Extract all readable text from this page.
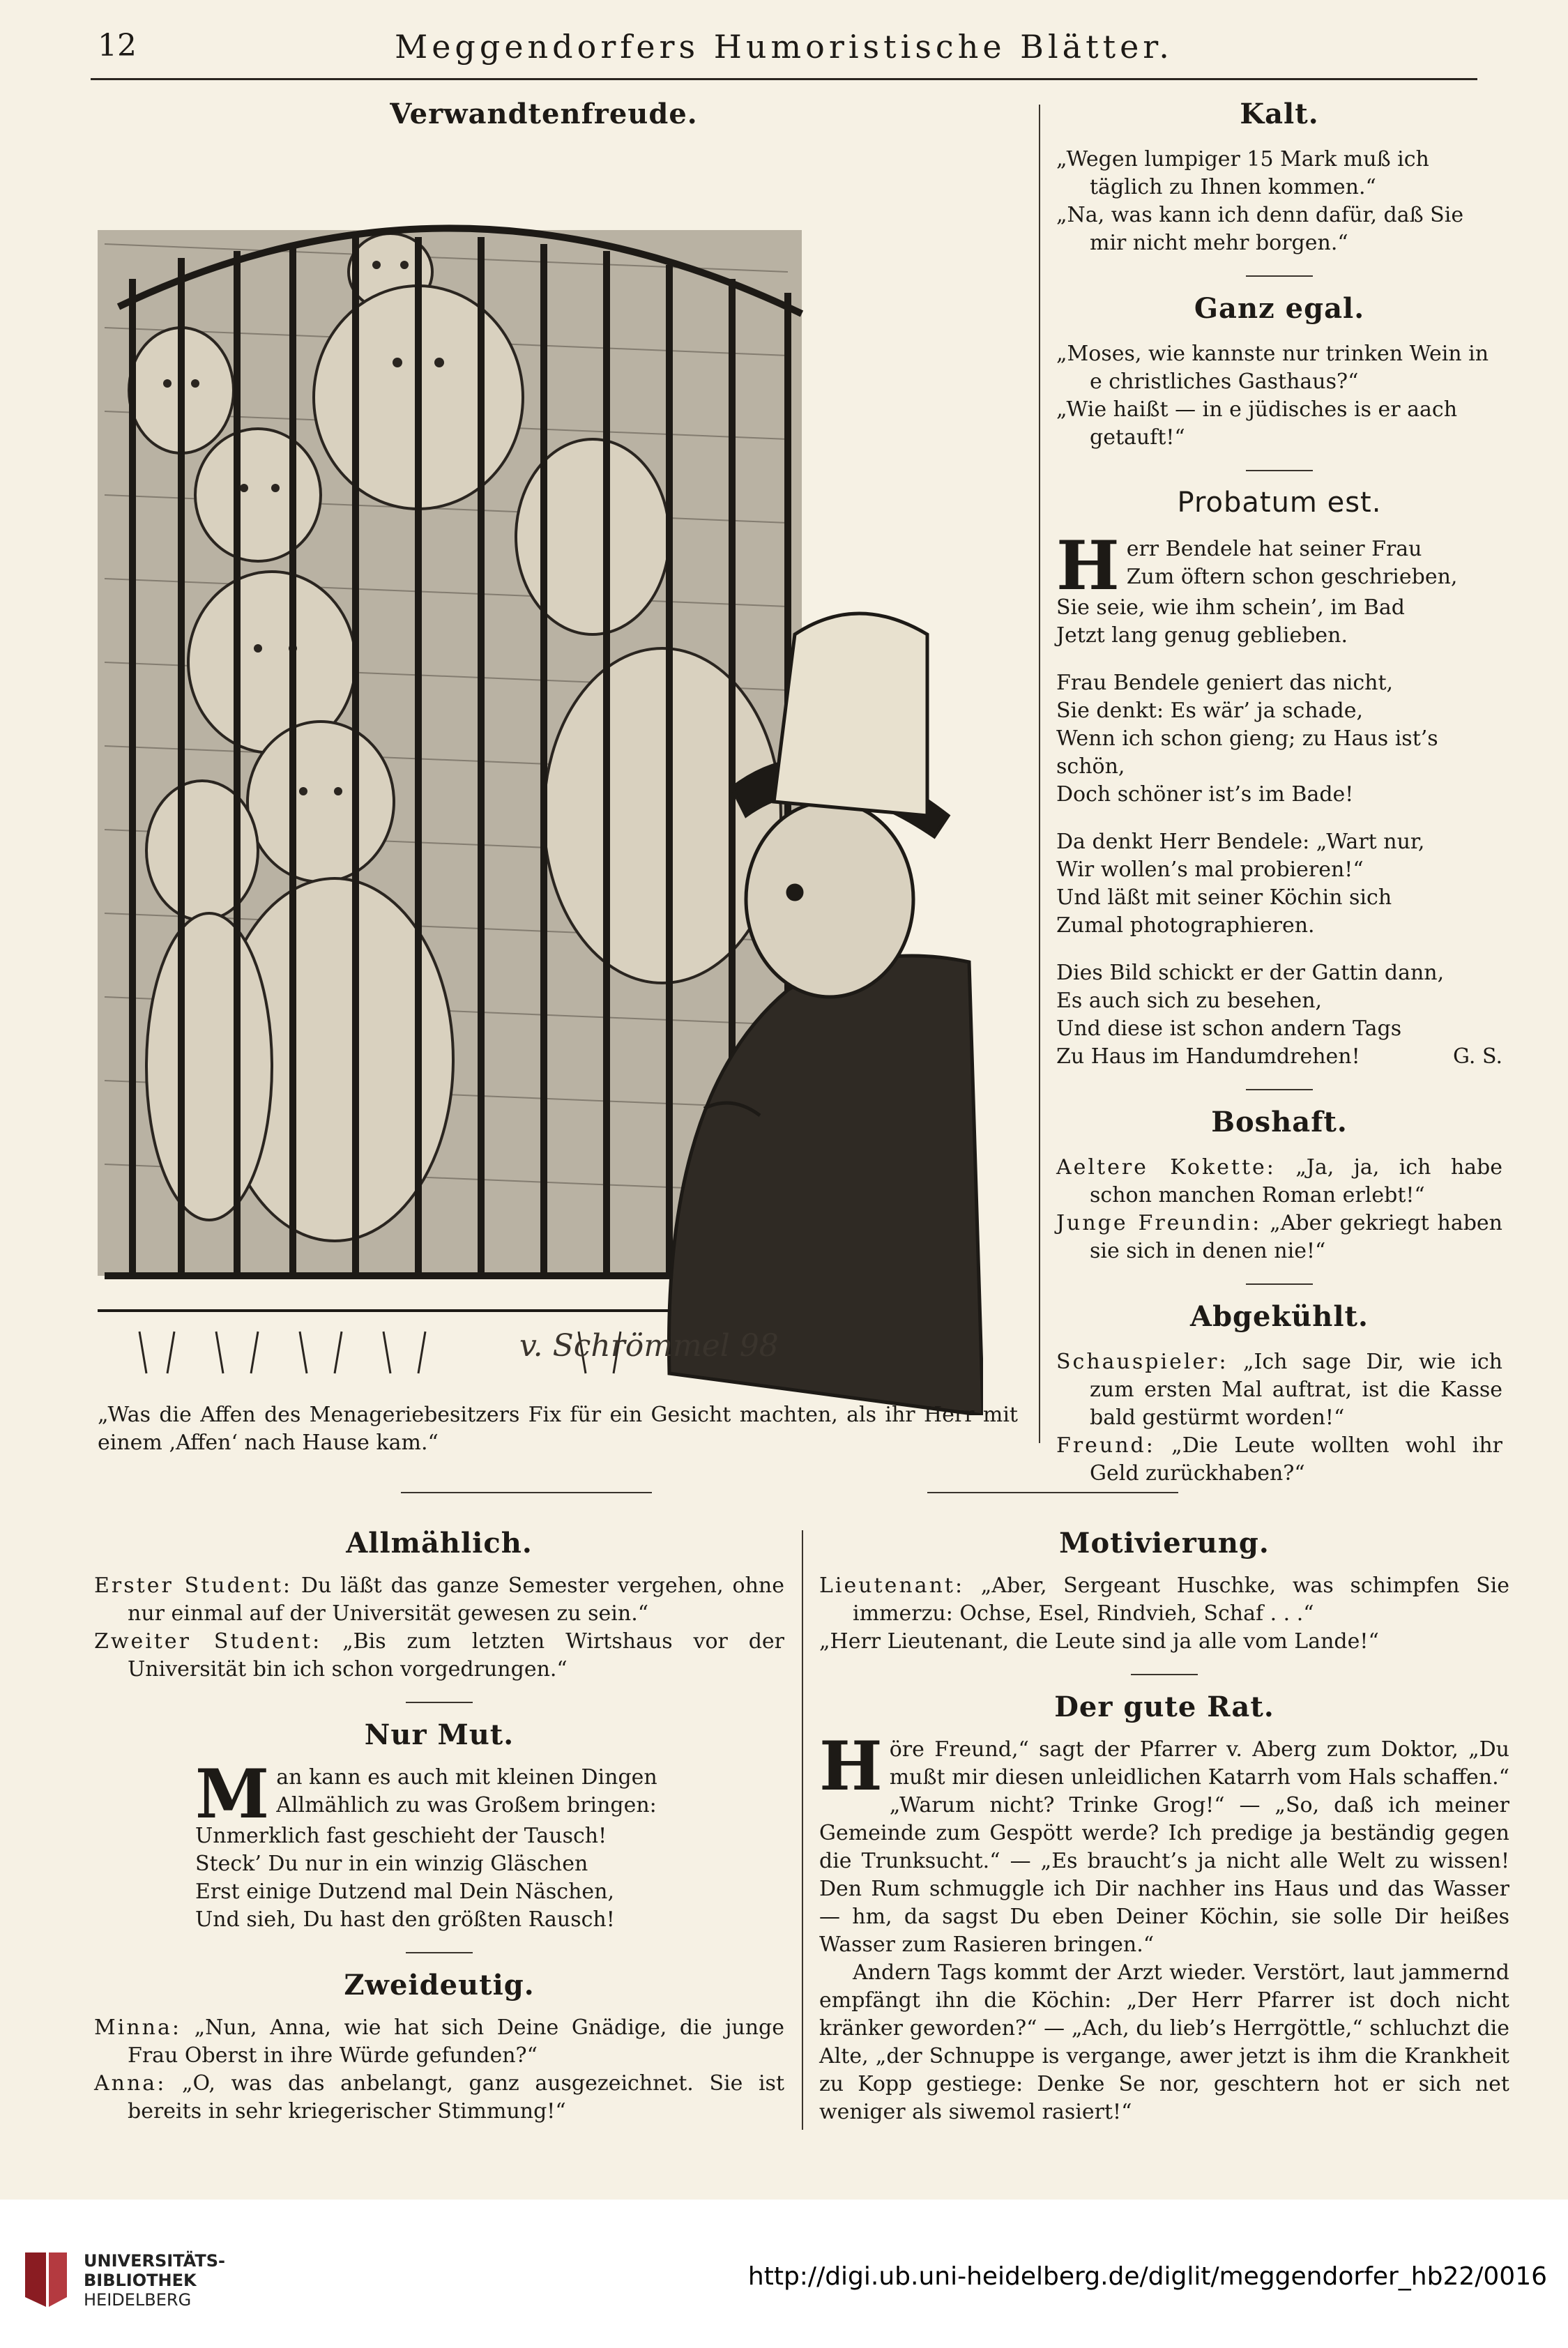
12	Meggendorfers Humoristische Blätter.
Verwandtenfreude.
v. Schrömmel 98

„Was die Affen des Menageriebesitzers Fix für ein Gesicht machten, als ihr Herr mit einem ‚Affen‘ nach Hause kam.“

Kalt.

„Wegen lumpiger 15 Mark muß ich täglich zu Ihnen kommen.“

„Na, was kann ich denn dafür, daß Sie mir nicht mehr borgen.“

Ganz egal.

„Moses, wie kannste nur trinken Wein in e christliches Gasthaus?“

„Wie haißt — in e jüdisches is er aach getauft!“

Probatum est.
H err Bendele hat seiner Frau

Zum öftern schon geschrieben,

Sie seie, wie ihm schein’, im Bad

Jetzt lang genug geblieben.

Frau Bendele geniert das nicht,

Sie denkt: Es wär’ ja schade,

Wenn ich schon gieng; zu Haus ist’s schön,

Doch schöner ist’s im Bade!

Da denkt Herr Bendele: „Wart nur,

Wir wollen’s mal probieren!“

Und läßt mit seiner Köchin sich

Zumal photographieren.

Dies Bild schickt er der Gattin dann,

Es auch sich zu besehen,

Und diese ist schon andern Tags

Zu Haus im Handumdrehen!	G. S.

Boshaft.

Aeltere Kokette: „Ja, ja, ich habe schon manchen Roman erlebt!“

Junge Freundin: „Aber gekriegt haben sie sich in denen nie!“

Abgekühlt.

Schauspieler: „Ich sage Dir, wie ich zum ersten Mal auftrat, ist die Kasse bald gestürmt worden!“

Freund: „Die Leute wollten wohl ihr Geld zurückhaben?“

Allmählich.

Erster Student: Du läßt das ganze Semester vergehen, ohne nur einmal auf der Universität gewesen zu sein.“

Zweiter Student: „Bis zum letzten Wirtshaus vor der Universität bin ich schon vorgedrungen.“

Nur Mut.
M an kann es auch mit kleinen Dingen

Allmählich zu was Großem bringen:

Unmerklich fast geschieht der Tausch!

Steck’ Du nur in ein winzig Gläschen

Erst einige Dutzend mal Dein Näschen,

Und sieh, Du hast den größten Rausch!

Zweideutig.

Minna: „Nun, Anna, wie hat sich Deine Gnädige, die junge Frau Oberst in ihre Würde gefunden?“

Anna: „O, was das anbelangt, ganz ausgezeichnet. Sie ist bereits in sehr kriegerischer Stimmung!“

Motivierung.

Lieutenant: „Aber, Sergeant Huschke, was schimpfen Sie immerzu: Ochse, Esel, Rindvieh, Schaf . . .“

„Herr Lieutenant, die Leute sind ja alle vom Lande!“

Der gute Rat.
H öre Freund,“ sagt der Pfarrer v. Aberg zum Doktor, „Du mußt mir diesen unleidlichen Katarrh vom Hals schaffen.“ „Warum nicht? Trinke Grog!“ — „So, daß ich meiner Gemeinde zum Gespött werde? Ich predige ja beständig gegen die Trunksucht.“ — „Es braucht’s ja nicht alle Welt zu wissen! Den Rum schmuggle ich Dir nachher ins Haus und das Wasser — hm, da sagst Du eben Deiner Köchin, sie solle Dir heißes Wasser zum Rasieren bringen.“

Andern Tags kommt der Arzt wieder. Verstört, laut jammernd empfängt ihn die Köchin: „Der Herr Pfarrer ist doch nicht kränker geworden?“ — „Ach, du lieb’s Herrgöttle,“ schluchzt die Alte, „der Schnuppe is vergange, awer jetzt is ihm die Krankheit zu Kopp gestiege: Denke Se nor, geschtern hot er sich net weniger als siwemol rasiert!“

UNIVERSITÄTS-
BIBLIOTHEK
HEIDELBERG
http://digi.ub.uni-heidelberg.de/diglit/meggendorfer_hb22/0016
